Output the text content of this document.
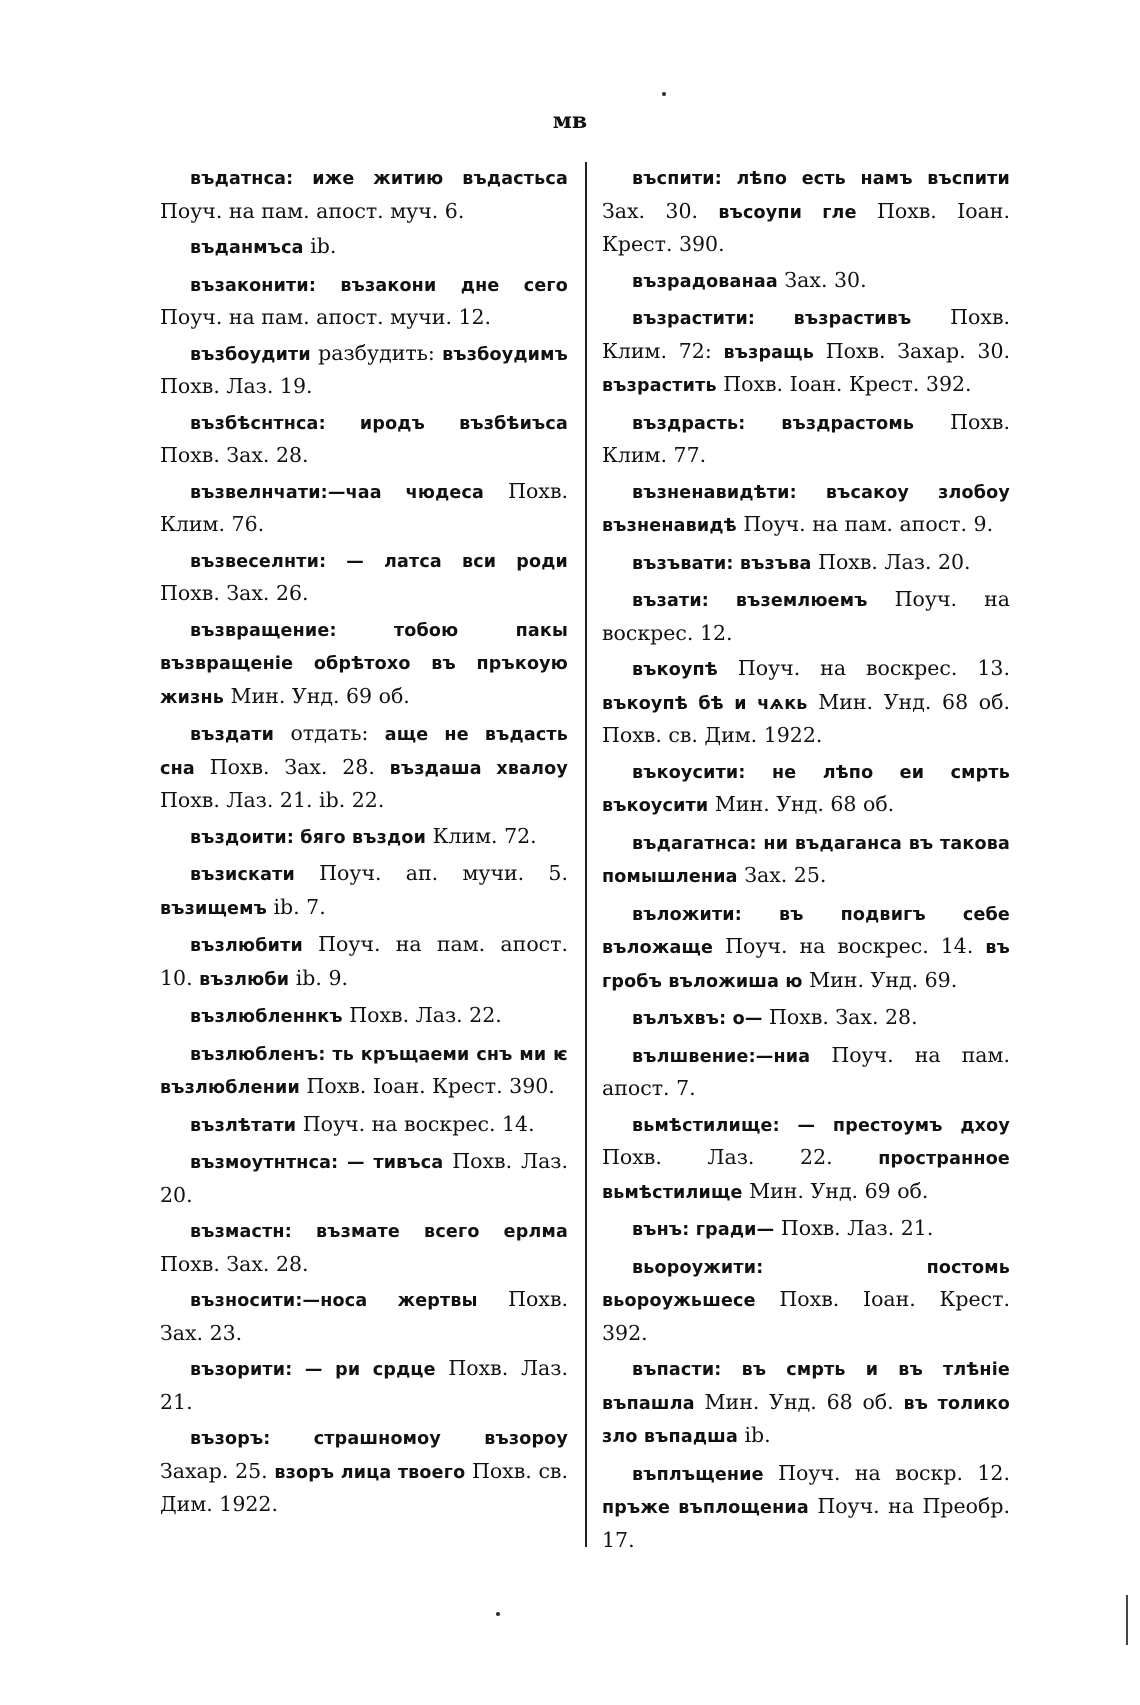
мв

въдатнса: иже житию въдастьса Поуч. на пам. апост. муч. 6.

въданмъса ib.

възаконити: възакони дне сего Поуч. на пам. апост. мучи. 12.

възбоудити разбудить: възбоудимъ Похв. Лаз. 19.

възбѣснтнса: иродъ възбѣиъса Похв. Зах. 28.

възвелнчати:—чаа чюдеса Похв. Клим. 76.

възвеселнти: — латса вси роди Похв. Зах. 26.

възвращение: тобою пакы възвращеніе обрѣтохо въ пръкоую жизнь Мин. Унд. 69 об.

въздати отдать: аще не въдасть сна Похв. Зах. 28. въздаша хвалоу Похв. Лаз. 21. ib. 22.

въздоити: бяго въздои Клим. 72.

възискати Поуч. ап. мучи. 5. възищемъ ib. 7.

възлюбити Поуч. на пам. апост. 10. възлюби ib. 9.

възлюбленнкъ Похв. Лаз. 22.

възлюбленъ: ть кръщаеми снъ ми ѥ възлюблении Похв. Іоан. Крест. 390.

възлѣтати Поуч. на воскрес. 14.

възмоутнтнса: — тивъса Похв. Лаз. 20.

възмастн: възмате всего ерлма Похв. Зах. 28.

възносити:—носа жертвы Похв. Зах. 23.

възорити: — ри срдце Похв. Лаз. 21.

възоръ: страшномоу възороу Захар. 25. взоръ лица твоего Похв. св. Дим. 1922.

въспити: лѣпо есть намъ въспити Зах. 30. въсоупи гле Похв. Іоан. Крест. 390.

възрадованаа Зах. 30.

възрастити: възрастивъ Похв. Клим. 72: възращь Похв. Захар. 30. възрастить Похв. Іоан. Крест. 392.

въздрасть: въздрастомь Похв. Клим. 77.

възненавидѣти: въсакоу злобоу възненавидѣ Поуч. на пам. апост. 9.

възъвати: възъва Похв. Лаз. 20.

възати: въземлюемъ Поуч. на воскрес. 12.

въкоупѣ Поуч. на воскрес. 13. въкоупѣ бѣ и чѧкь Мин. Унд. 68 об. Похв. св. Дим. 1922.

въкоусити: не лѣпо еи смрть въкоусити Мин. Унд. 68 об.

въдагатнса: ни въдаганса въ такова помышлениа Зах. 25.

въложити: въ подвигъ себе въложаще Поуч. на воскрес. 14. въ гробъ въложиша ю Мин. Унд. 69.

вълъхвъ: о— Похв. Зах. 28.

вълшвение:—ниа Поуч. на пам. апост. 7.

вьмѣстилище: — престоумъ дхоу Похв. Лаз. 22. пространное вьмѣстилище Мин. Унд. 69 об.

вънъ: гради— Похв. Лаз. 21.

вьорoужити: постомь вьороужьшесе Похв. Іоан. Крест. 392.

въпасти: въ смрть и въ тлѣніе въпашлa Мин. Унд. 68 об. въ толико зло въпадша ib.

въплъщение Поуч. на воскр. 12. пръже въплощениа Поуч. на Преобр. 17.
